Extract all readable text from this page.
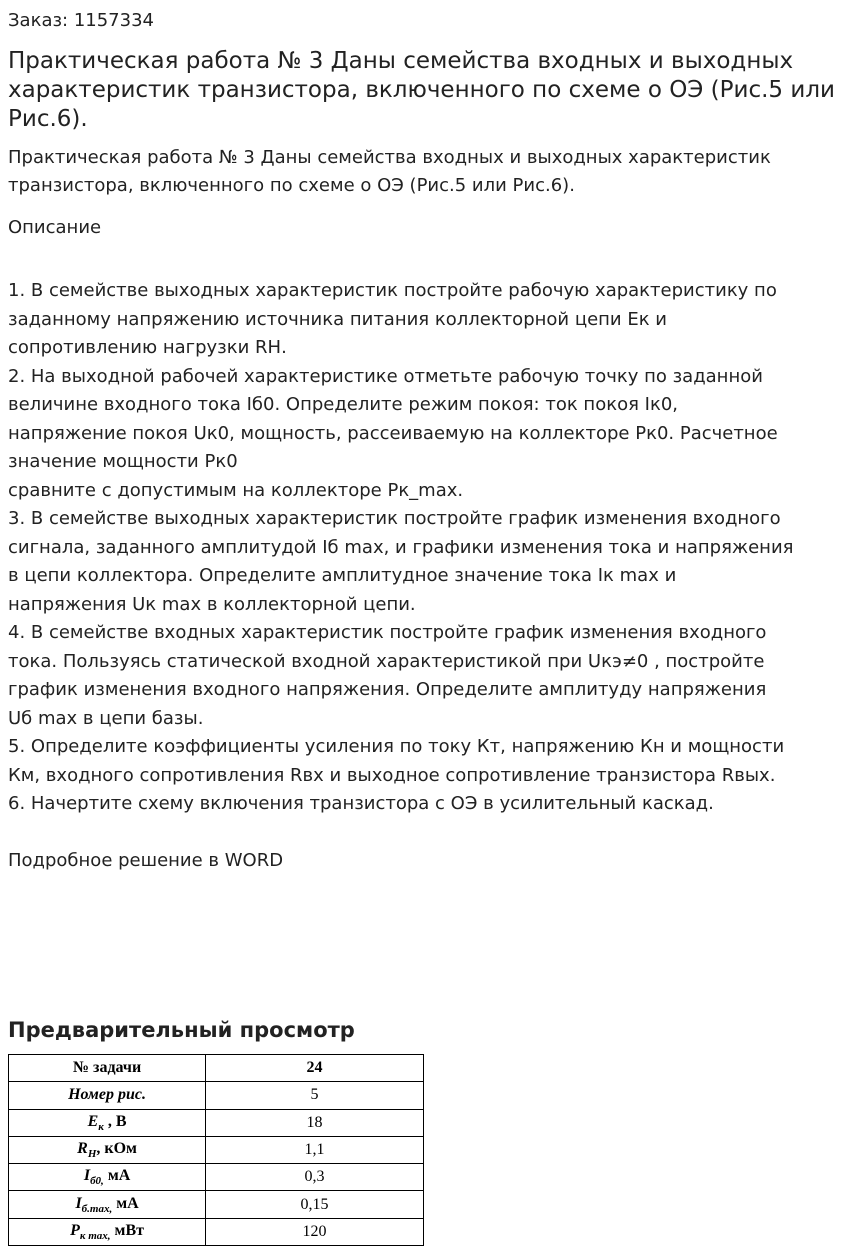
Заказ: 1157334

Практическая работа № 3 Даны семейства входных и выходных характеристик транзистора, включенного по схеме о ОЭ (Рис.5 или Рис.6).

Практическая работа № 3 Даны семейства входных и выходных характеристик транзистора, включенного по схеме о ОЭ (Рис.5 или Рис.6).

Описание

1. В семействе выходных характеристик постройте рабочую характеристику по
заданному напряжению источника питания коллекторной цепи Ек и
сопротивлению нагрузки RН.
2. На выходной рабочей характеристике отметьте рабочую точку по заданной
величине входного тока Iб0. Определите режим покоя: ток покоя Iк0,
напряжение покоя Uк0, мощность, рассеиваемую на коллекторе Рк0. Расчетное
значение мощности Рк0
сравните с допустимым на коллекторе Рк_max.
3. В семействе выходных характеристик постройте график изменения входного
сигнала, заданного амплитудой Iб max, и графики изменения тока и напряжения
в цепи коллектора. Определите амплитудное значение тока Iк max и
напряжения Uк max в коллекторной цепи.
4. В семействе входных характеристик постройте график изменения входного
тока. Пользуясь статической входной характеристикой при Uкэ≠0 , постройте
график изменения входного напряжения. Определите амплитуду напряжения
Uб max в цепи базы.
5. Определите коэффициенты усиления по току Кт, напряжению Кн и мощности
Км, входного сопротивления Rвх и выходное сопротивление транзистора Rвых.
6. Начертите схему включения транзистора с ОЭ в усилительный каскад.

Подробное решение в WORD

Предварительный просмотр
№ задачи	24
Номер рис.	5
$E_к$ , В	18
$R_Н$, кОм	1,1
$I_{б0,}$ мА	0,3
$I_{б.max,}$ мА	0,15
$P_{к max,}$ мВт	120
